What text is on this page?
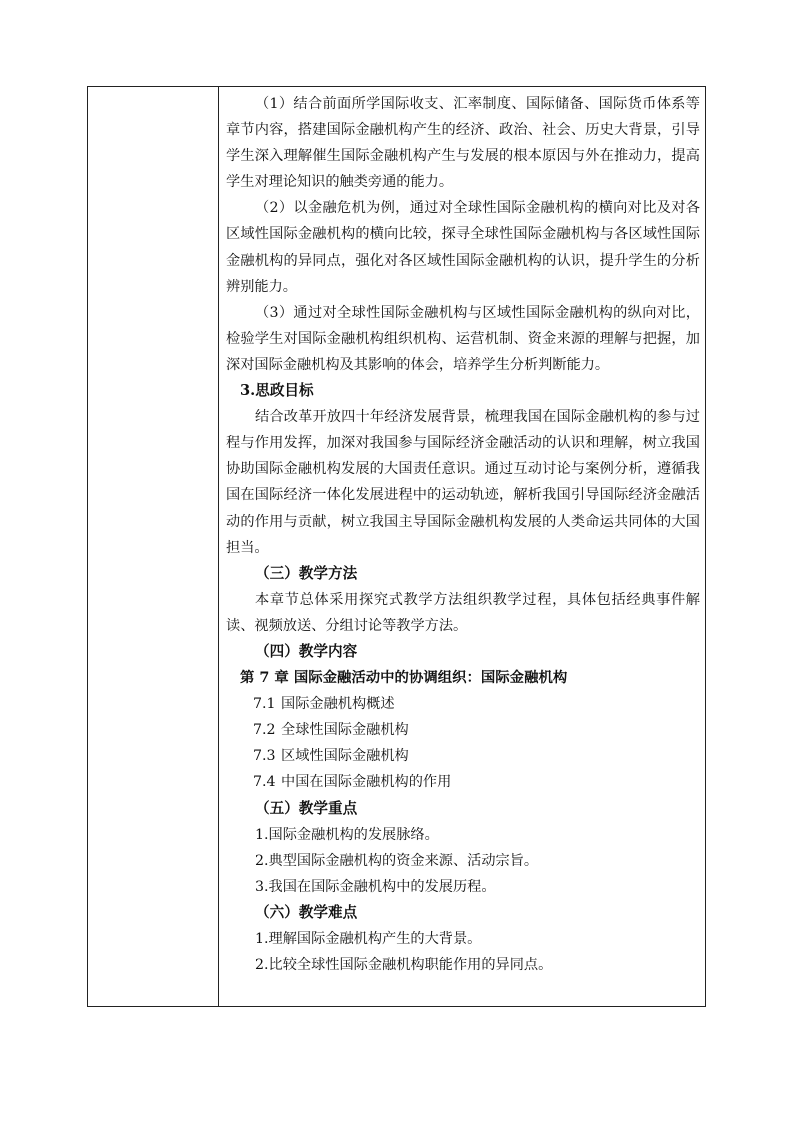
（1）结合前面所学国际收支、汇率制度、国际储备、国际货币体系等章节内容，搭建国际金融机构产生的经济、政治、社会、历史大背景，引导学生深入理解催生国际金融机构产生与发展的根本原因与外在推动力，提高学生对理论知识的触类旁通的能力。

（2）以金融危机为例，通过对全球性国际金融机构的横向对比及对各区域性国际金融机构的横向比较，探寻全球性国际金融机构与各区域性国际金融机构的异同点，强化对各区域性国际金融机构的认识，提升学生的分析辨别能力。

（3）通过对全球性国际金融机构与区域性国际金融机构的纵向对比，检验学生对国际金融机构组织机构、运营机制、资金来源的理解与把握，加深对国际金融机构及其影响的体会，培养学生分析判断能力。

3.思政目标

结合改革开放四十年经济发展背景，梳理我国在国际金融机构的参与过程与作用发挥，加深对我国参与国际经济金融活动的认识和理解，树立我国协助国际金融机构发展的大国责任意识。通过互动讨论与案例分析，遵循我国在国际经济一体化发展进程中的运动轨迹，解析我国引导国际经济金融活动的作用与贡献，树立我国主导国际金融机构发展的人类命运共同体的大国担当。

（三）教学方法

本章节总体采用探究式教学方法组织教学过程，具体包括经典事件解读、视频放送、分组讨论等教学方法。

（四）教学内容

第 7 章 国际金融活动中的协调组织：国际金融机构

7.1 国际金融机构概述

7.2 全球性国际金融机构

7.3 区域性国际金融机构

7.4 中国在国际金融机构的作用

（五）教学重点

1.国际金融机构的发展脉络。

2.典型国际金融机构的资金来源、活动宗旨。

3.我国在国际金融机构中的发展历程。

（六）教学难点

1.理解国际金融机构产生的大背景。

2.比较全球性国际金融机构职能作用的异同点。
